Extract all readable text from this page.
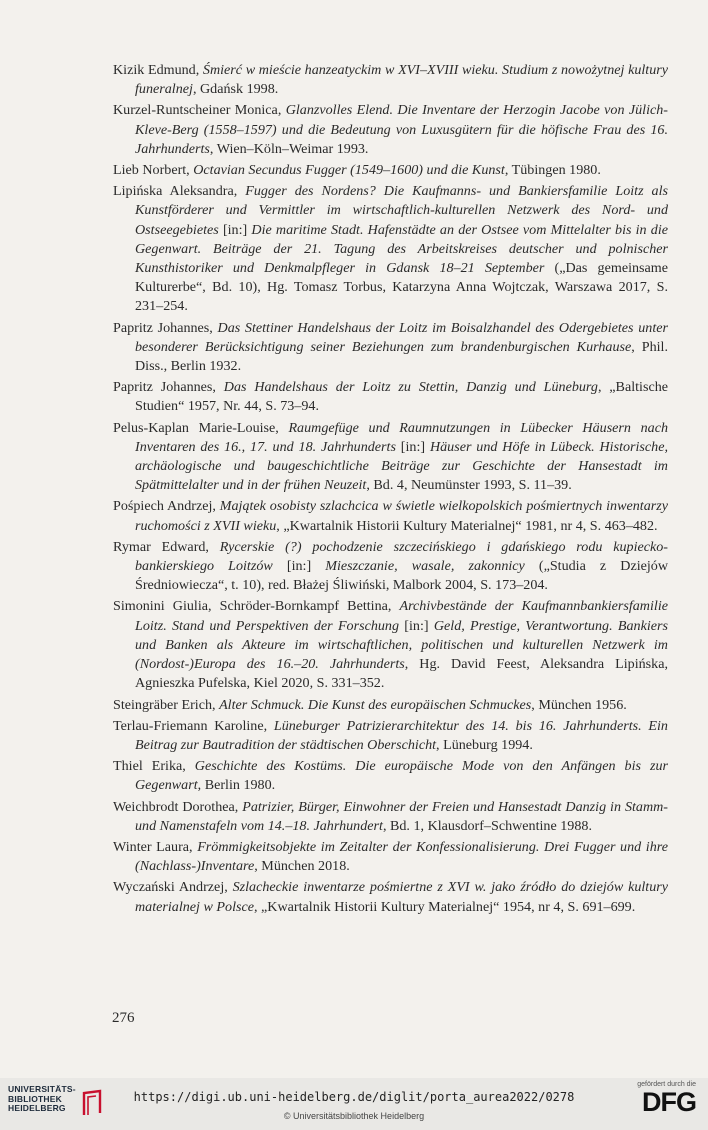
Kizik Edmund, Śmierć w mieście hanzeatyckim w XVI–XVIII wieku. Studium z nowożytnej kultury funeralnej, Gdańsk 1998.

Kurzel-Runtscheiner Monica, Glanzvolles Elend. Die Inventare der Herzogin Jacobe von Jülich-Kleve-Berg (1558–1597) und die Bedeutung von Luxusgütern für die höfische Frau des 16. Jahrhunderts, Wien–Köln–Weimar 1993.

Lieb Norbert, Octavian Secundus Fugger (1549–1600) und die Kunst, Tübingen 1980.

Lipińska Aleksandra, Fugger des Nordens? Die Kaufmanns- und Bankiersfamilie Loitz als Kunstförderer und Vermittler im wirtschaftlich-kulturellen Netzwerk des Nord- und Ostseegebietes [in:] Die maritime Stadt. Hafenstädte an der Ostsee vom Mittelalter bis in die Gegenwart. Beiträge der 21. Tagung des Arbeitskreises deutscher und polnischer Kunsthistoriker und Denkmalpfleger in Gdansk 18–21 September („Das gemeinsame Kulturerbe“, Bd. 10), Hg. Tomasz Torbus, Katarzyna Anna Wojtczak, Warszawa 2017, S. 231–254.

Papritz Johannes, Das Stettiner Handelshaus der Loitz im Boisalzhandel des Odergebietes unter besonderer Berücksichtigung seiner Beziehungen zum brandenburgischen Kurhause, Phil. Diss., Berlin 1932.

Papritz Johannes, Das Handelshaus der Loitz zu Stettin, Danzig und Lüneburg, „Baltische Studien“ 1957, Nr. 44, S. 73–94.

Pelus-Kaplan Marie-Louise, Raumgefüge und Raumnutzungen in Lübecker Häusern nach Inventaren des 16., 17. und 18. Jahrhunderts [in:] Häuser und Höfe in Lübeck. Historische, archäologische und baugeschichtliche Beiträge zur Geschichte der Hansestadt im Spätmittelalter und in der frühen Neuzeit, Bd. 4, Neumünster 1993, S. 11–39.

Pośpiech Andrzej, Majątek osobisty szlachcica w świetle wielkopolskich pośmiertnych inwentarzy ruchomości z XVII wieku, „Kwartalnik Historii Kultury Materialnej“ 1981, nr 4, S. 463–482.

Rymar Edward, Rycerskie (?) pochodzenie szczecińskiego i gdańskiego rodu kupiecko-bankierskiego Loitzów [in:] Mieszczanie, wasale, zakonnicy („Studia z Dziejów Średniowiecza“, t. 10), red. Błażej Śliwiński, Malbork 2004, S. 173–204.

Simonini Giulia, Schröder-Bornkampf Bettina, Archivbestände der Kaufmannbankiersfamilie Loitz. Stand und Perspektiven der Forschung [in:] Geld, Prestige, Verantwortung. Bankiers und Banken als Akteure im wirtschaftlichen, politischen und kulturellen Netzwerk im (Nordost-)Europa des 16.–20. Jahrhunderts, Hg. David Feest, Aleksandra Lipińska, Agnieszka Pufelska, Kiel 2020, S. 331–352.

Steingräber Erich, Alter Schmuck. Die Kunst des europäischen Schmuckes, München 1956.

Terlau-Friemann Karoline, Lüneburger Patrizierarchitektur des 14. bis 16. Jahrhunderts. Ein Beitrag zur Bautradition der städtischen Oberschicht, Lüneburg 1994.

Thiel Erika, Geschichte des Kostüms. Die europäische Mode von den Anfängen bis zur Gegenwart, Berlin 1980.

Weichbrodt Dorothea, Patrizier, Bürger, Einwohner der Freien und Hansestadt Danzig in Stamm- und Namenstafeln vom 14.–18. Jahrhundert, Bd. 1, Klausdorf–Schwentine 1988.

Winter Laura, Frömmigkeitsobjekte im Zeitalter der Konfessionalisierung. Drei Fugger und ihre (Nachlass-)Inventare, München 2018.

Wyczański Andrzej, Szlacheckie inwentarze pośmiertne z XVI w. jako źródło do dziejów kultury materialnej w Polsce, „Kwartalnik Historii Kultury Materialnej“ 1954, nr 4, S. 691–699.

276
UNIVERSITÄTS-
BIBLIOTHEK
HEIDELBERG
https://digi.ub.uni-heidelberg.de/diglit/porta_aurea2022/0278
© Universitätsbibliothek Heidelberg
gefördert durch die
DFG
